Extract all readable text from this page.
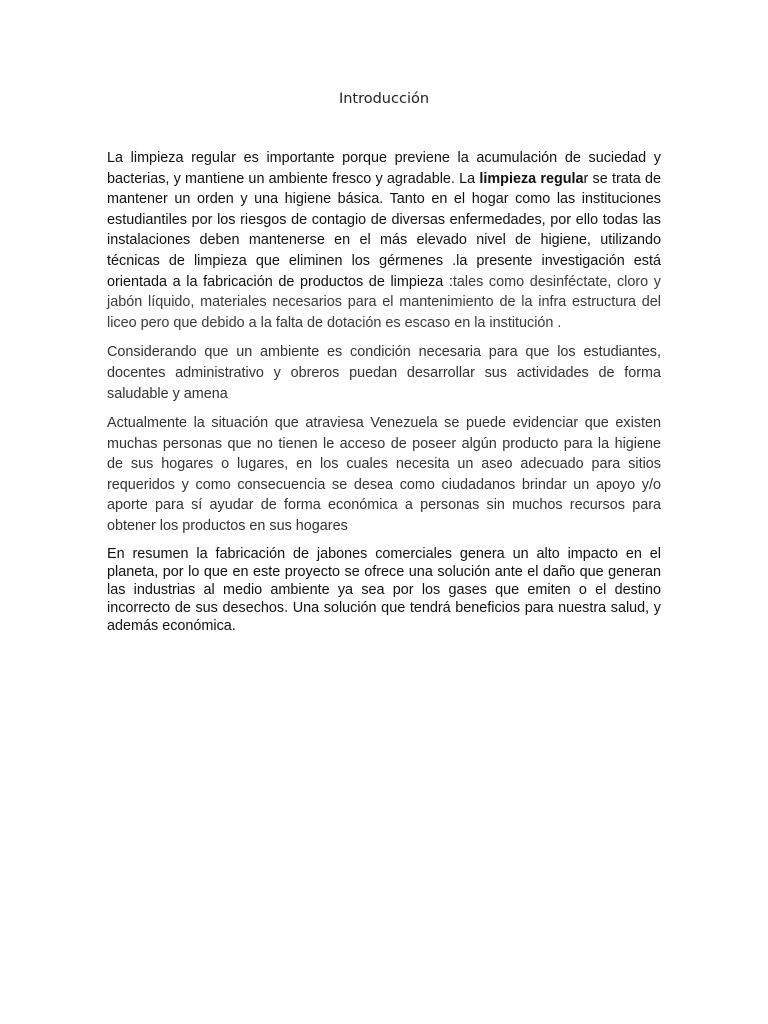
Introducción

La limpieza regular es importante porque previene la acumulación de suciedad y bacterias, y mantiene un ambiente fresco y agradable. La limpieza regular se trata de mantener un orden y una higiene básica. Tanto en el hogar como las instituciones estudiantiles por los riesgos de contagio de diversas enfermedades, por ello todas las instalaciones deben mantenerse en el más elevado nivel de higiene, utilizando técnicas de limpieza que eliminen los gérmenes .la presente investigación está orientada a la fabricación de productos de limpieza :tales como desinféctate, cloro y jabón líquido, materiales necesarios para el mantenimiento de la infra estructura del liceo pero que debido a la falta de dotación es escaso en la institución .

Considerando que un ambiente es condición necesaria para que los estudiantes, docentes administrativo y obreros puedan desarrollar sus actividades de forma saludable y amena

Actualmente la situación que atraviesa Venezuela se puede evidenciar que existen muchas personas que no tienen le acceso de poseer algún producto para la higiene de sus hogares o lugares, en los cuales necesita un aseo adecuado para sitios requeridos y como consecuencia se desea como ciudadanos brindar un apoyo y/o aporte para sí ayudar de forma económica a personas sin muchos recursos para obtener los productos en sus hogares

En resumen la fabricación de jabones comerciales genera un alto impacto en el planeta, por lo que en este proyecto se ofrece una solución ante el daño que generan las industrias al medio ambiente ya sea por los gases que emiten o el destino incorrecto de sus desechos. Una solución que tendrá beneficios para nuestra salud, y además económica.
